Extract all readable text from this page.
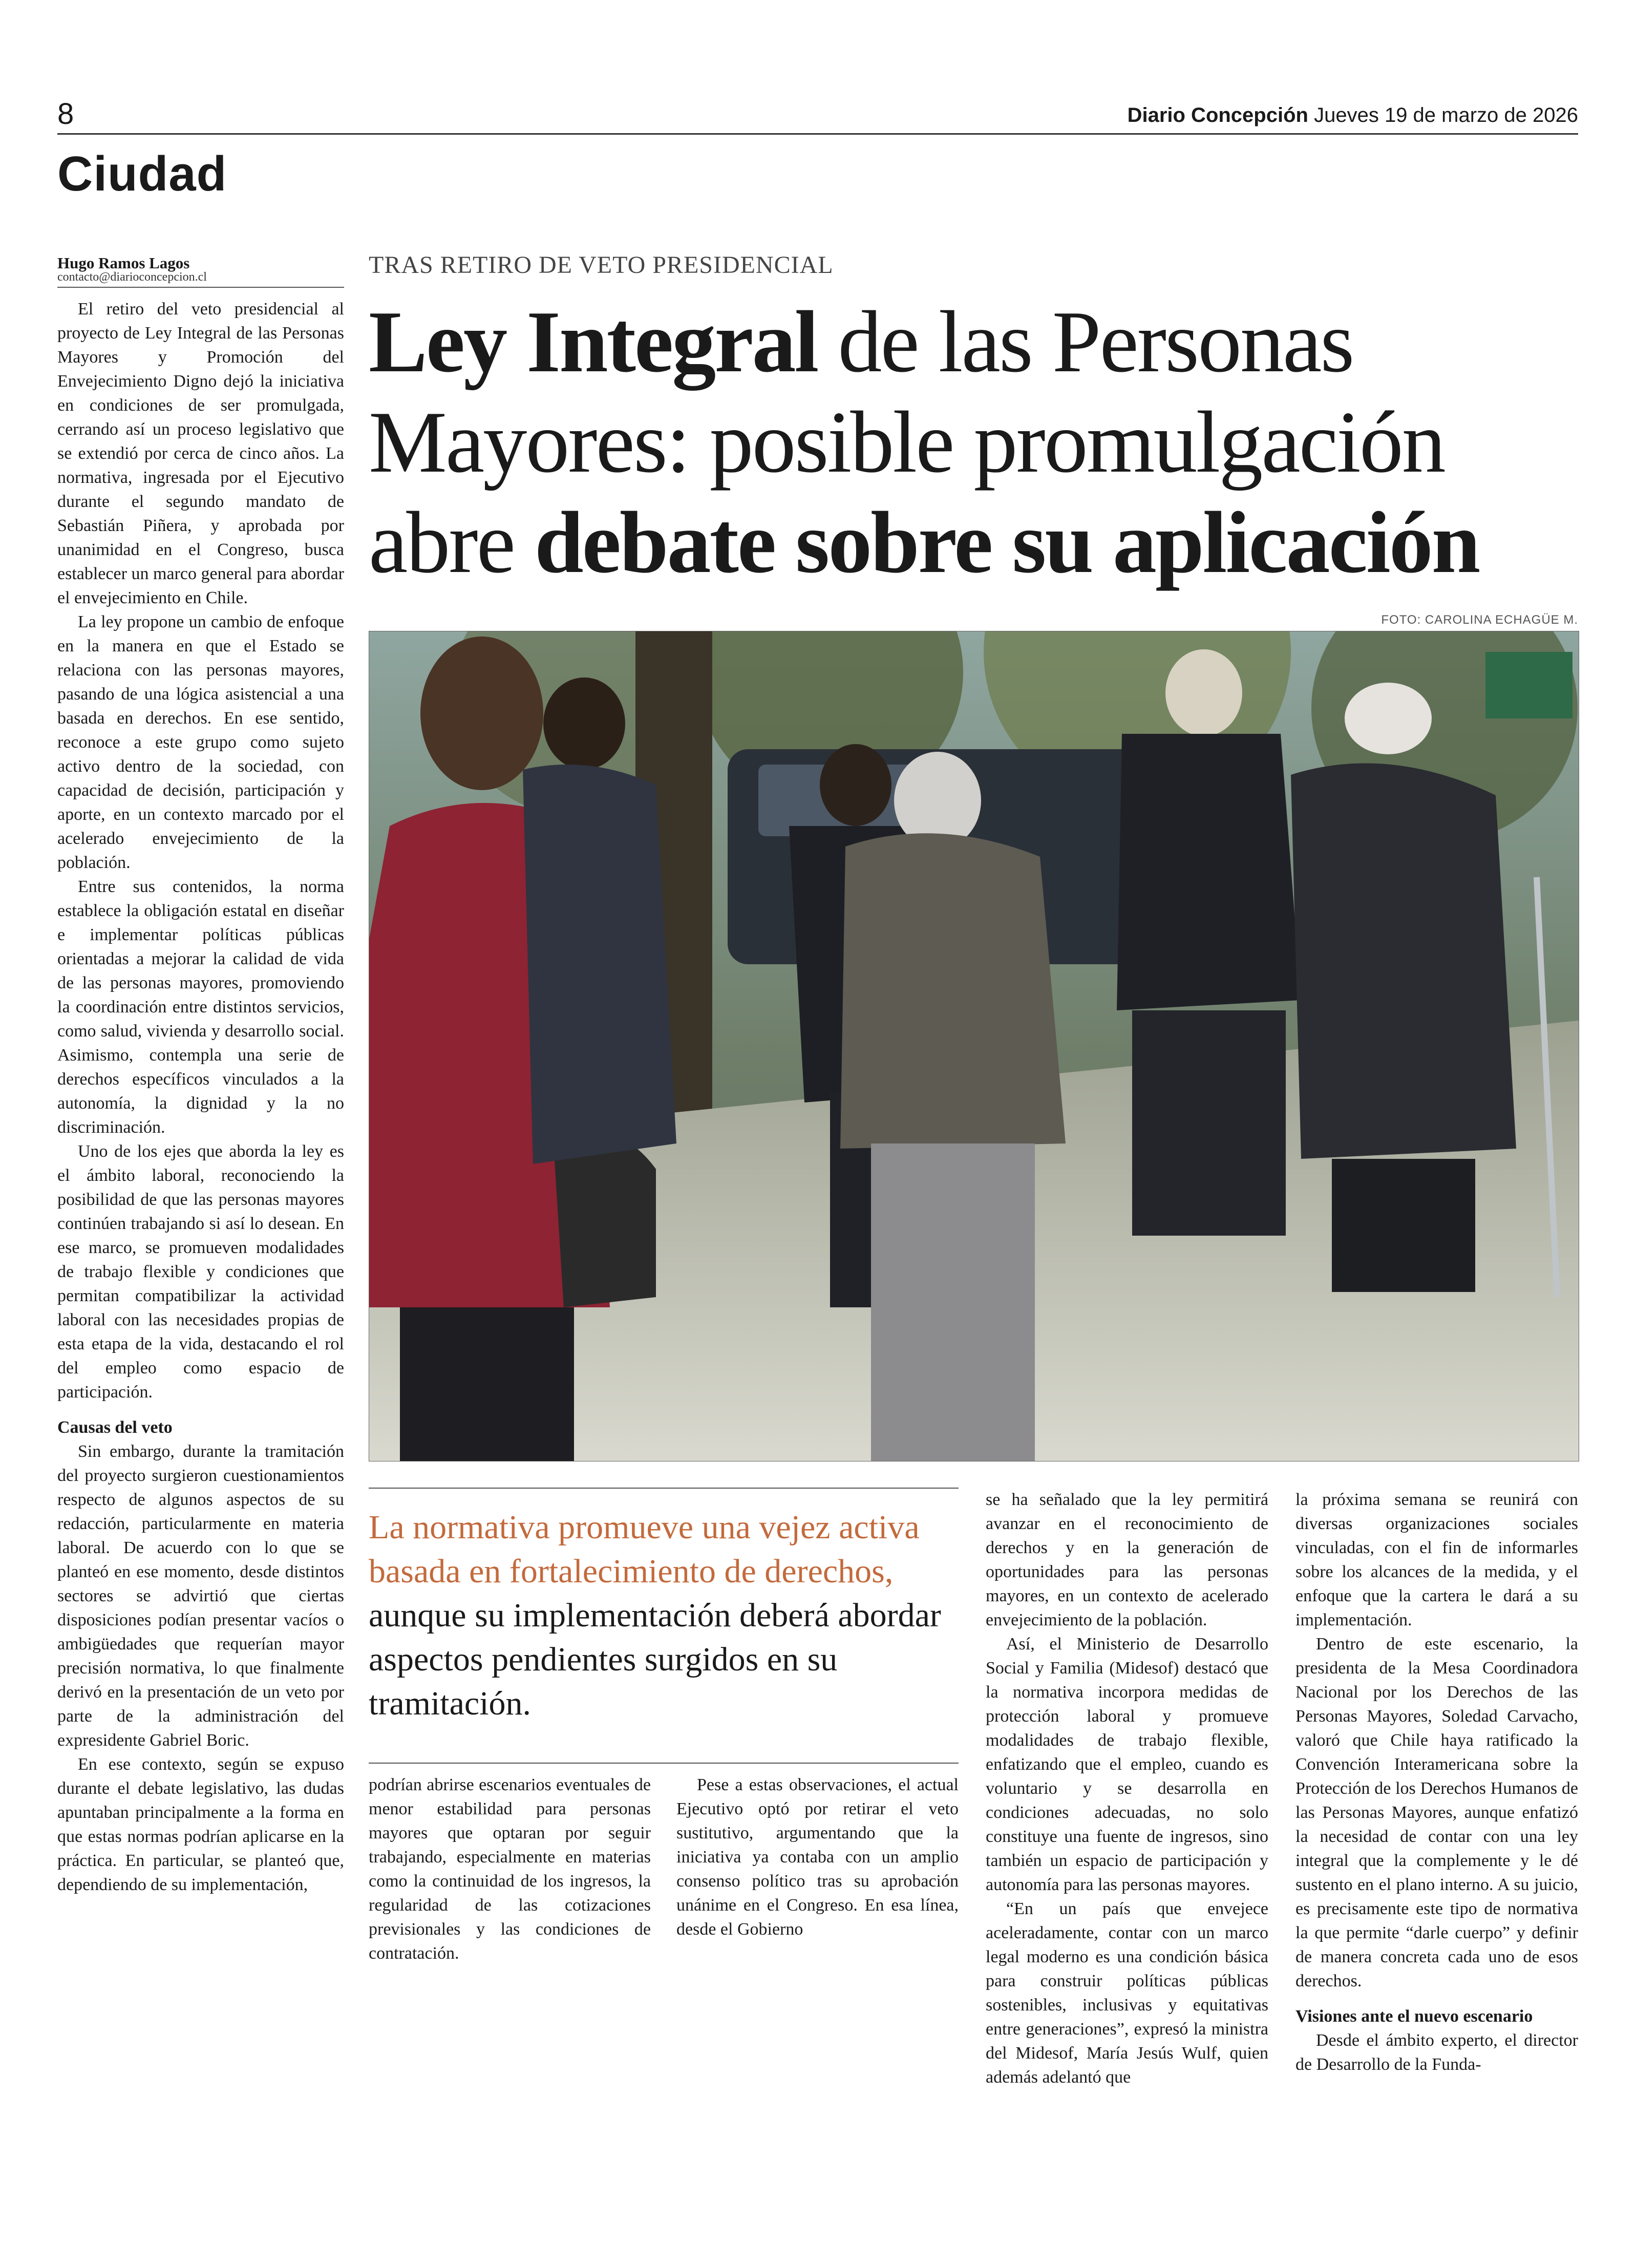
8	Diario Concepción Jueves 19 de marzo de 2026
Ciudad
Hugo Ramos Lagos
contacto@diarioconcepcion.cl

El retiro del veto presidencial al proyecto de Ley Integral de las Personas Mayores y Promoción del Envejecimiento Digno dejó la iniciativa en condiciones de ser promulgada, cerrando así un proceso legislativo que se extendió por cerca de cinco años. La normativa, ingresada por el Ejecutivo durante el segundo mandato de Sebastián Piñera, y aprobada por unanimidad en el Congreso, busca establecer un marco general para abordar el envejecimiento en Chile.

La ley propone un cambio de enfoque en la manera en que el Estado se relaciona con las personas mayores, pasando de una lógica asistencial a una basada en derechos. En ese sentido, reconoce a este grupo como sujeto activo dentro de la sociedad, con capacidad de decisión, participación y aporte, en un contexto marcado por el acelerado envejecimiento de la población.

Entre sus contenidos, la norma establece la obligación estatal en diseñar e implementar políticas públicas orientadas a mejorar la calidad de vida de las personas mayores, promoviendo la coordinación entre distintos servicios, como salud, vivienda y desarrollo social. Asimismo, contempla una serie de derechos específicos vinculados a la autonomía, la dignidad y la no discriminación.

Uno de los ejes que aborda la ley es el ámbito laboral, reconociendo la posibilidad de que las personas mayores continúen trabajando si así lo desean. En ese marco, se promueven modalidades de trabajo flexible y condiciones que permitan compatibilizar la actividad laboral con las necesidades propias de esta etapa de la vida, destacando el rol del empleo como espacio de participación.

Causas del veto

Sin embargo, durante la tramitación del proyecto surgieron cuestionamientos respecto de algunos aspectos de su redacción, particularmente en materia laboral. De acuerdo con lo que se planteó en ese momento, desde distintos sectores se advirtió que ciertas disposiciones podían presentar vacíos o ambigüedades que requerían mayor precisión normativa, lo que finalmente derivó en la presentación de un veto por parte de la administración del expresidente Gabriel Boric.

En ese contexto, según se expuso durante el debate legislativo, las dudas apuntaban principalmente a la forma en que estas normas podrían aplicarse en la práctica. En particular, se planteó que, dependiendo de su implementación,

TRAS RETIRO DE VETO PRESIDENCIAL
Ley Integral de las Personas Mayores: posible promulgación abre debate sobre su aplicación
FOTO: CAROLINA ECHAGÜE M.
La normativa promueve una vejez activa basada en fortalecimiento de derechos, aunque su implementación deberá abordar aspectos pendientes surgidos en su tramitación.

podrían abrirse escenarios eventuales de menor estabilidad para personas mayores que optaran por seguir trabajando, especialmente en materias como la continuidad de los ingresos, la regularidad de las cotizaciones previsionales y las condiciones de contratación.

Pese a estas observaciones, el actual Ejecutivo optó por retirar el veto sustitutivo, argumentando que la iniciativa ya contaba con un amplio consenso político tras su aprobación unánime en el Congreso. En esa línea, desde el Gobierno

se ha señalado que la ley permitirá avanzar en el reconocimiento de derechos y en la generación de oportunidades para las personas mayores, en un contexto de acelerado envejecimiento de la población.

Así, el Ministerio de Desarrollo Social y Familia (Midesof) destacó que la normativa incorpora medidas de protección laboral y promueve modalidades de trabajo flexible, enfatizando que el empleo, cuando es voluntario y se desarrolla en condiciones adecuadas, no solo constituye una fuente de ingresos, sino también un espacio de participación y autonomía para las personas mayores.

“En un país que envejece aceleradamente, contar con un marco legal moderno es una condición básica para construir políticas públicas sostenibles, inclusivas y equitativas entre generaciones”, expresó la ministra del Midesof, María Jesús Wulf, quien además adelantó que

la próxima semana se reunirá con diversas organizaciones sociales vinculadas, con el fin de informarles sobre los alcances de la medida, y el enfoque que la cartera le dará a su implementación.

Dentro de este escenario, la presidenta de la Mesa Coordinadora Nacional por los Derechos de las Personas Mayores, Soledad Carvacho, valoró que Chile haya ratificado la Convención Interamericana sobre la Protección de los Derechos Humanos de las Personas Mayores, aunque enfatizó la necesidad de contar con una ley integral que la complemente y le dé sustento en el plano interno. A su juicio, es precisamente este tipo de normativa la que permite “darle cuerpo” y definir de manera concreta cada uno de esos derechos.

Visiones ante el nuevo escenario

Desde el ámbito experto, el director de Desarrollo de la Funda-
